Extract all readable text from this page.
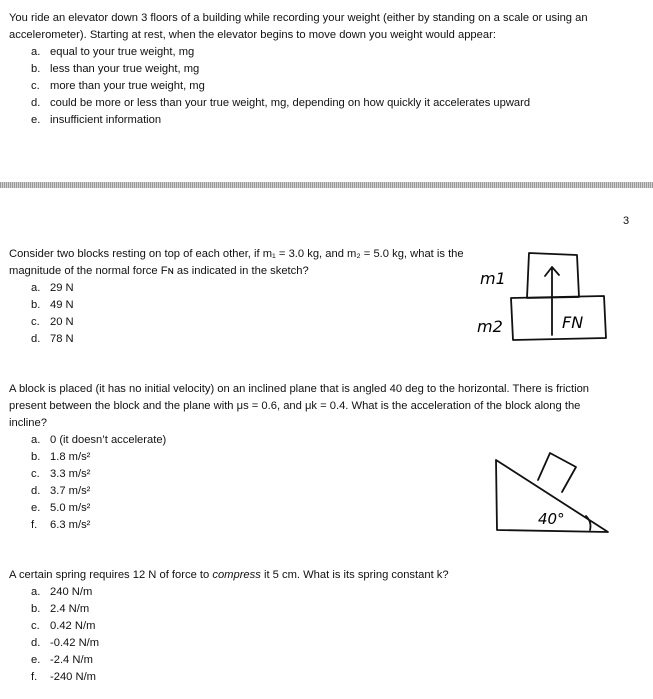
You ride an elevator down 3 floors of a building while recording your weight (either by standing on a scale or using an accelerometer). Starting at rest, when the elevator begins to move down you weight would appear:

a. equal to your true weight, mg
b. less than your true weight, mg
c. more than your true weight, mg
d. could be more or less than your true weight, mg, depending on how quickly it accelerates upward
e. insufficient information
3

Consider two blocks resting on top of each other, if m₁ = 3.0 kg, and m₂ = 5.0 kg, what is the magnitude of the normal force Fɴ as indicated in the sketch?

a. 29 N
b. 49 N
c. 20 N
d. 78 N
m1
m2	FN

A block is placed (it has no initial velocity) on an inclined plane that is angled 40 deg to the horizontal. There is friction present between the block and the plane with μs = 0.6, and μk = 0.4. What is the acceleration of the block along the incline?

a. 0 (it doesn’t accelerate)
b. 1.8 m/s²
c. 3.3 m/s²
d. 3.7 m/s²
e. 5.0 m/s²
f. 6.3 m/s²	40°

A certain spring requires 12 N of force to compress it 5 cm. What is its spring constant k?

a. 240 N/m
b. 2.4 N/m
c. 0.42 N/m
d. -0.42 N/m
e. -2.4 N/m
f. -240 N/m
